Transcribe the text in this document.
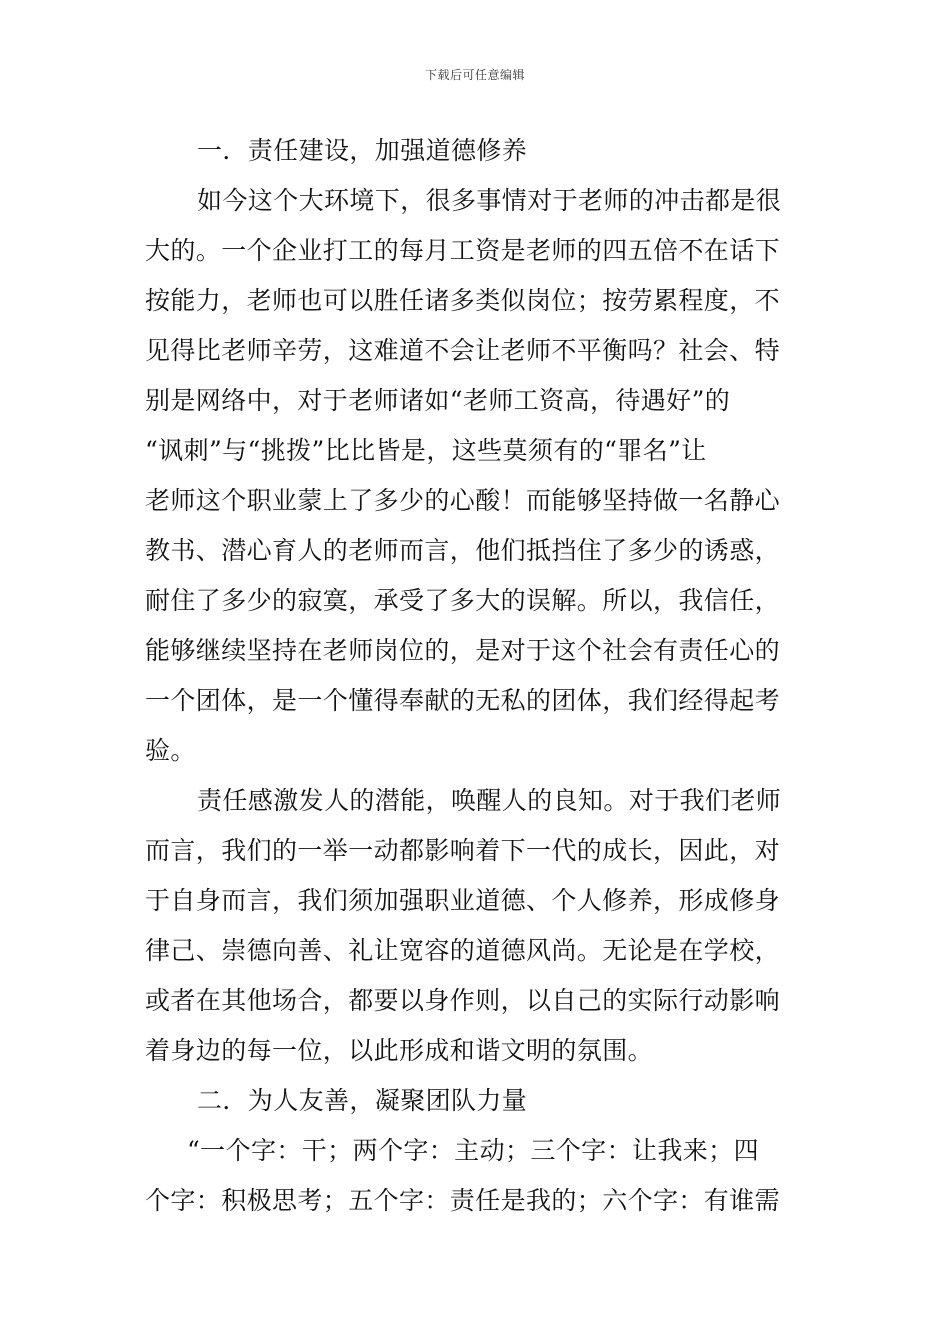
下载后可任意编辑
一．责任建设，加强道德修养
如今这个大环境下，很多事情对于老师的冲击都是很
大的。一个企业打工的每月工资是老师的四五倍不在话下
按能力，老师也可以胜任诸多类似岗位；按劳累程度，不
见得比老师辛劳，这难道不会让老师不平衡吗？社会、特
别是网络中，对于老师诸如“老师工资高，待遇好”的
“讽刺”与“挑拨”比比皆是，这些莫须有的“罪名”让
老师这个职业蒙上了多少的心酸！而能够坚持做一名静心
教书、潜心育人的老师而言，他们抵挡住了多少的诱惑，
耐住了多少的寂寞，承受了多大的误解。所以，我信任，
能够继续坚持在老师岗位的，是对于这个社会有责任心的
一个团体，是一个懂得奉献的无私的团体，我们经得起考
验。
责任感激发人的潜能，唤醒人的良知。对于我们老师
而言，我们的一举一动都影响着下一代的成长，因此，对
于自身而言，我们须加强职业道德、个人修养，形成修身
律己、崇德向善、礼让宽容的道德风尚。无论是在学校，
或者在其他场合，都要以身作则，以自己的实际行动影响
着身边的每一位，以此形成和谐文明的氛围。
二．为人友善，凝聚团队力量
“一个字：干；两个字：主动；三个字：让我来；四
个字：积极思考；五个字：责任是我的；六个字：有谁需
